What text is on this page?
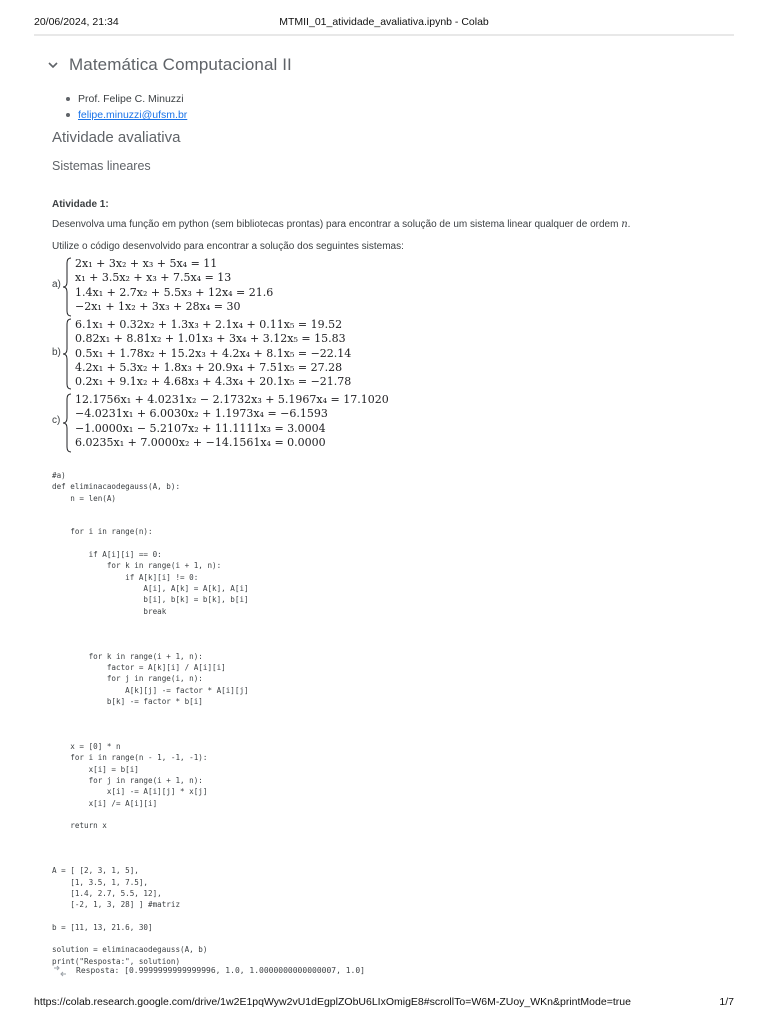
20/06/2024, 21:34	MTMII_01_atividade_avaliativa.ipynb - Colab
Matemática Computacional II
Prof. Felipe C. Minuzzi
felipe.minuzzi@ufsm.br
Atividade avaliativa
Sistemas lineares
Atividade 1:
Desenvolva uma função em python (sem bibliotecas prontas) para encontrar a solução de um sistema linear qualquer de ordem n.
Utilize o código desenvolvido para encontrar a solução dos seguintes sistemas:
a)
2x₁ + 3x₂ + x₃ + 5x₄ = 11
x₁ + 3.5x₂ + x₃ + 7.5x₄ = 13
1.4x₁ + 2.7x₂ + 5.5x₃ + 12x₄ = 21.6
−2x₁ + 1x₂ + 3x₃ + 28x₄ = 30
b)
6.1x₁ + 0.32x₂ + 1.3x₃ + 2.1x₄ + 0.11x₅ = 19.52
0.82x₁ + 8.81x₂ + 1.01x₃ + 3x₄ + 3.12x₅ = 15.83
0.5x₁ + 1.78x₂ + 15.2x₃ + 4.2x₄ + 8.1x₅ = −22.14
4.2x₁ + 5.3x₂ + 1.8x₃ + 20.9x₄ + 7.51x₅ = 27.28
0.2x₁ + 9.1x₂ + 4.68x₃ + 4.3x₄ + 20.1x₅ = −21.78
c)
12.1756x₁ + 4.0231x₂ − 2.1732x₃ + 5.1967x₄ = 17.1020
−4.0231x₁ + 6.0030x₂ + 1.1973x₄ = −6.1593
−1.0000x₁ − 5.2107x₂ + 11.1111x₃ = 3.0004
6.0235x₁ + 7.0000x₂ + −14.1561x₄ = 0.0000
#a)
def eliminacaodegauss(A, b):
n = len(A)
for i in range(n):
if A[i][i] == 0:
for k in range(i + 1, n):
if A[k][i] != 0:
A[i], A[k] = A[k], A[i]
b[i], b[k] = b[k], b[i]
break
for k in range(i + 1, n):
factor = A[k][i] / A[i][i]
for j in range(i, n):
A[k][j] -= factor * A[i][j]
b[k] -= factor * b[i]
x = [0] * n
for i in range(n - 1, -1, -1):
x[i] = b[i]
for j in range(i + 1, n):
x[i] -= A[i][j] * x[j]
x[i] /= A[i][i]
return x
A = [ [2, 3, 1, 5],
[1, 3.5, 1, 7.5],
[1.4, 2.7, 5.5, 12],
[-2, 1, 3, 28] ] #matriz
b = [11, 13, 21.6, 30]
solution = eliminacaodegauss(A, b)
print("Resposta:", solution)
Resposta: [0.9999999999999996, 1.0, 1.0000000000000007, 1.0]
https://colab.research.google.com/drive/1w2E1pqWyw2vU1dEgplZObU6LIxOmigE8#scrollTo=W6M-ZUoy_WKn&printMode=true	1/7
